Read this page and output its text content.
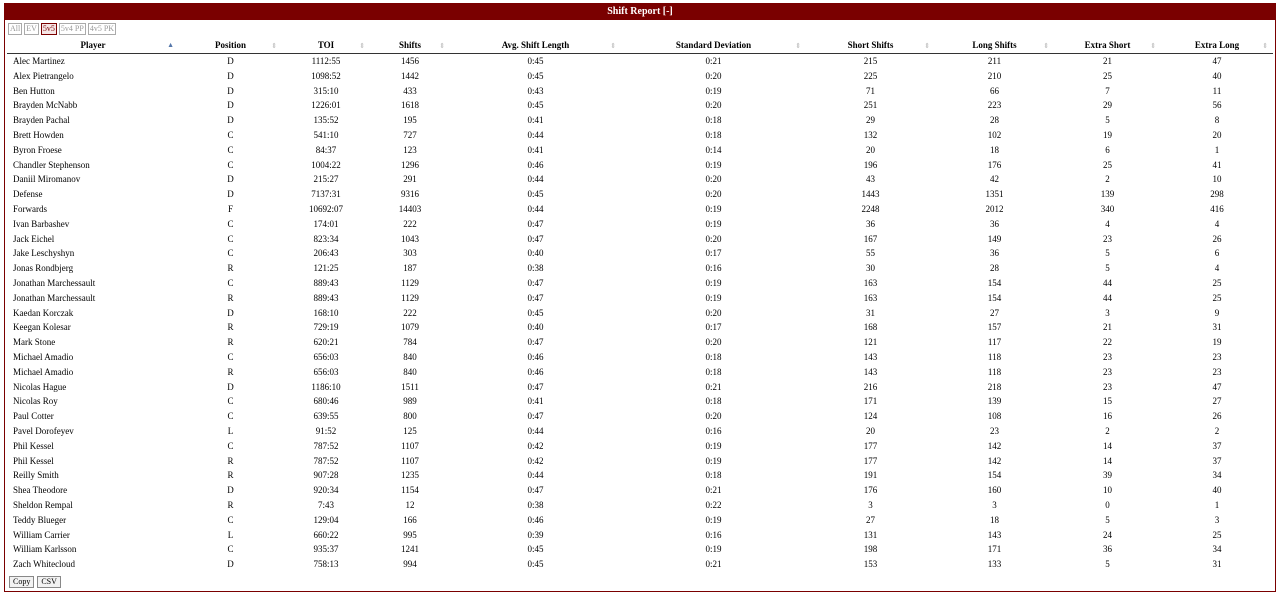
Shift Report [-]
All EV 5v5 5v4 PP 4v5 PK
Player ▲	Position ⇕	TOI ⇕	Shifts ⇕	Avg. Shift Length ⇕	Standard Deviation ⇕	Short Shifts ⇕	Long Shifts ⇕	Extra Short ⇕	Extra Long ⇕

Alec Martinez	D	1112:55	1456	0:45	0:21	215	211	21	47
Alex Pietrangelo	D	1098:52	1442	0:45	0:20	225	210	25	40
Ben Hutton	D	315:10	433	0:43	0:19	71	66	7	11
Brayden McNabb	D	1226:01	1618	0:45	0:20	251	223	29	56
Brayden Pachal	D	135:52	195	0:41	0:18	29	28	5	8
Brett Howden	C	541:10	727	0:44	0:18	132	102	19	20
Byron Froese	C	84:37	123	0:41	0:14	20	18	6	1
Chandler Stephenson	C	1004:22	1296	0:46	0:19	196	176	25	41
Daniil Miromanov	D	215:27	291	0:44	0:20	43	42	2	10
Defense	D	7137:31	9316	0:45	0:20	1443	1351	139	298
Forwards	F	10692:07	14403	0:44	0:19	2248	2012	340	416
Ivan Barbashev	C	174:01	222	0:47	0:19	36	36	4	4
Jack Eichel	C	823:34	1043	0:47	0:20	167	149	23	26
Jake Leschyshyn	C	206:43	303	0:40	0:17	55	36	5	6
Jonas Rondbjerg	R	121:25	187	0:38	0:16	30	28	5	4
Jonathan Marchessault	C	889:43	1129	0:47	0:19	163	154	44	25
Jonathan Marchessault	R	889:43	1129	0:47	0:19	163	154	44	25
Kaedan Korczak	D	168:10	222	0:45	0:20	31	27	3	9
Keegan Kolesar	R	729:19	1079	0:40	0:17	168	157	21	31
Mark Stone	R	620:21	784	0:47	0:20	121	117	22	19
Michael Amadio	C	656:03	840	0:46	0:18	143	118	23	23
Michael Amadio	R	656:03	840	0:46	0:18	143	118	23	23
Nicolas Hague	D	1186:10	1511	0:47	0:21	216	218	23	47
Nicolas Roy	C	680:46	989	0:41	0:18	171	139	15	27
Paul Cotter	C	639:55	800	0:47	0:20	124	108	16	26
Pavel Dorofeyev	L	91:52	125	0:44	0:16	20	23	2	2
Phil Kessel	C	787:52	1107	0:42	0:19	177	142	14	37
Phil Kessel	R	787:52	1107	0:42	0:19	177	142	14	37
Reilly Smith	R	907:28	1235	0:44	0:18	191	154	39	34
Shea Theodore	D	920:34	1154	0:47	0:21	176	160	10	40
Sheldon Rempal	R	7:43	12	0:38	0:22	3	3	0	1
Teddy Blueger	C	129:04	166	0:46	0:19	27	18	5	3
William Carrier	L	660:22	995	0:39	0:16	131	143	24	25
William Karlsson	C	935:37	1241	0:45	0:19	198	171	36	34
Zach Whitecloud	D	758:13	994	0:45	0:21	153	133	5	31
Copy	CSV
